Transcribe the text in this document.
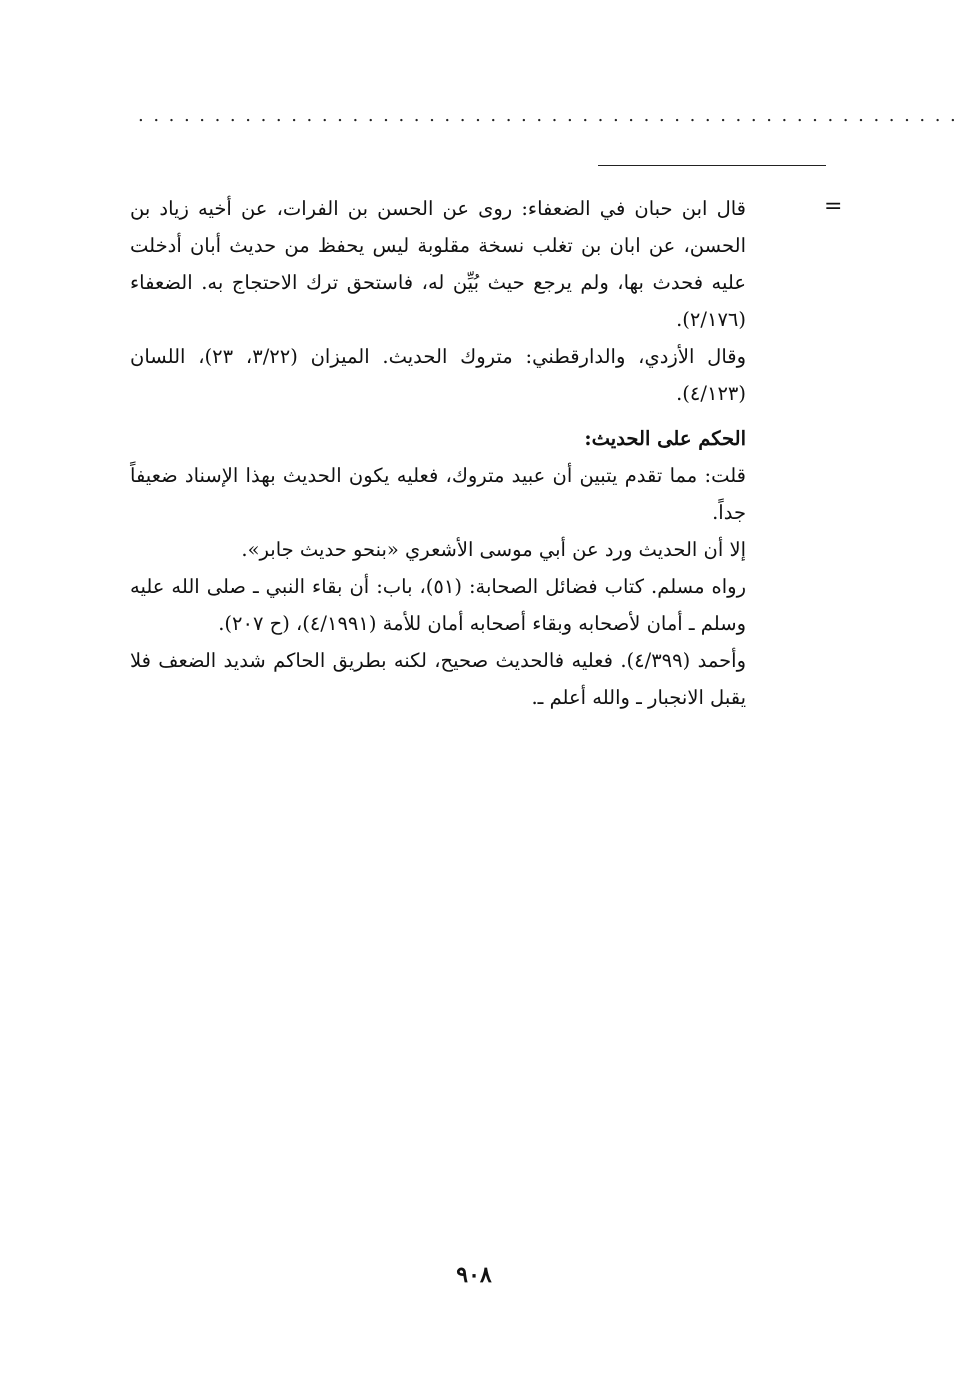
......................................................
=

قال ابن حبان في الضعفاء: روى عن الحسن بن الفرات، عن أخيه زياد بن الحسن، عن ابان بن تغلب نسخة مقلوبة ليس يحفظ من حديث أبان أدخلت عليه فحدث بها، ولم يرجع حيث بُيِّن له، فاستحق ترك الاحتجاج به. الضعفاء (٢/١٧٦).

وقال الأزدي، والدارقطني: متروك الحديث. الميزان (٣/٢٢، ٢٣)، اللسان (٤/١٢٣).

الحكم على الحديث:

قلت: مما تقدم يتبين أن عبيد متروك، فعليه يكون الحديث بهذا الإسناد ضعيفاً جداً.

إلا أن الحديث ورد عن أبي موسى الأشعري «بنحو حديث جابر».

رواه مسلم. كتاب فضائل الصحابة: (٥١)، باب: أن بقاء النبي ـ صلى الله عليه وسلم ـ أمان لأصحابه وبقاء أصحابه أمان للأمة (٤/١٩٩١)، (ح ٢٠٧).

وأحمد (٤/٣٩٩). فعليه فالحديث صحيح، لكنه بطريق الحاكم شديد الضعف فلا يقبل الانجبار ـ والله أعلم ـ.

٩٠٨
